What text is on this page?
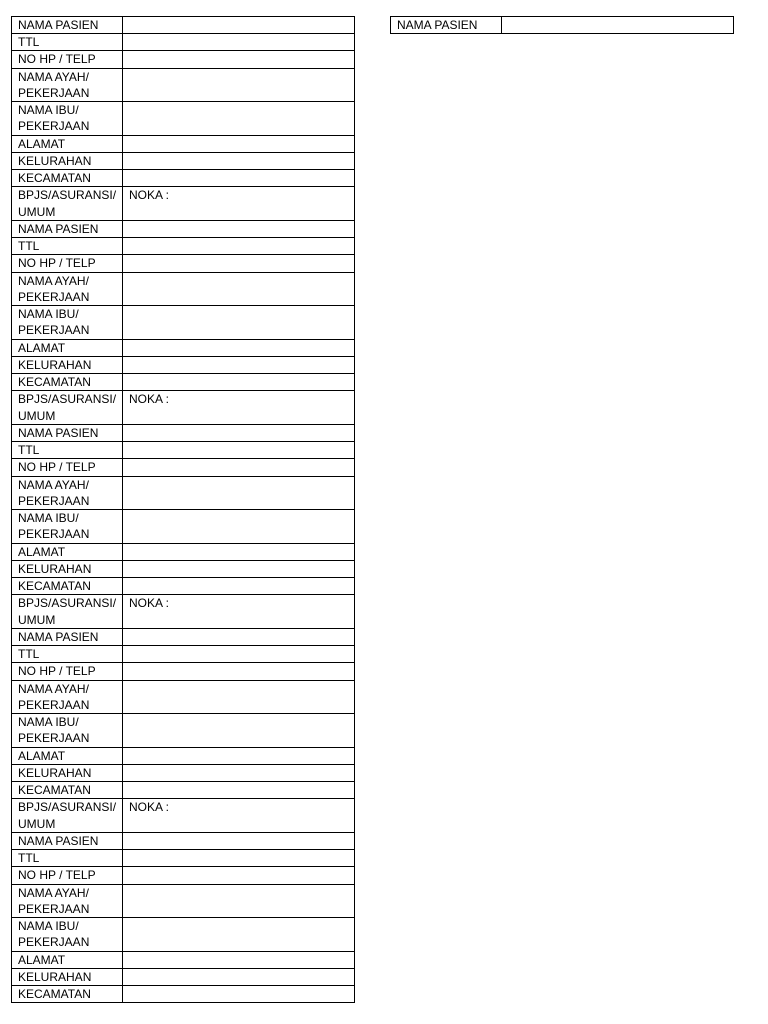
NAMA PASIEN	
TTL	
NO HP / TELP	
NAMA AYAH/ PEKERJAAN	
NAMA IBU/ PEKERJAAN	
ALAMAT	
KELURAHAN	
KECAMATAN	
BPJS/ASURANSI/ UMUM	NOKA :
NAMA PASIEN	
TTL	
NO HP / TELP	
NAMA AYAH/ PEKERJAAN	
NAMA IBU/ PEKERJAAN	
ALAMAT	
KELURAHAN	
KECAMATAN	
BPJS/ASURANSI/ UMUM	NOKA :
NAMA PASIEN	
TTL	
NO HP / TELP	
NAMA AYAH/ PEKERJAAN	
NAMA IBU/ PEKERJAAN	
ALAMAT	
KELURAHAN	
KECAMATAN	
BPJS/ASURANSI/ UMUM	NOKA :
NAMA PASIEN	
TTL	
NO HP / TELP	
NAMA AYAH/ PEKERJAAN	
NAMA IBU/ PEKERJAAN	
ALAMAT	
KELURAHAN	
KECAMATAN	
BPJS/ASURANSI/ UMUM	NOKA :
NAMA PASIEN	
TTL	
NO HP / TELP	
NAMA AYAH/ PEKERJAAN	
NAMA IBU/ PEKERJAAN	
ALAMAT	
KELURAHAN	
KECAMATAN	
NAMA PASIEN	
